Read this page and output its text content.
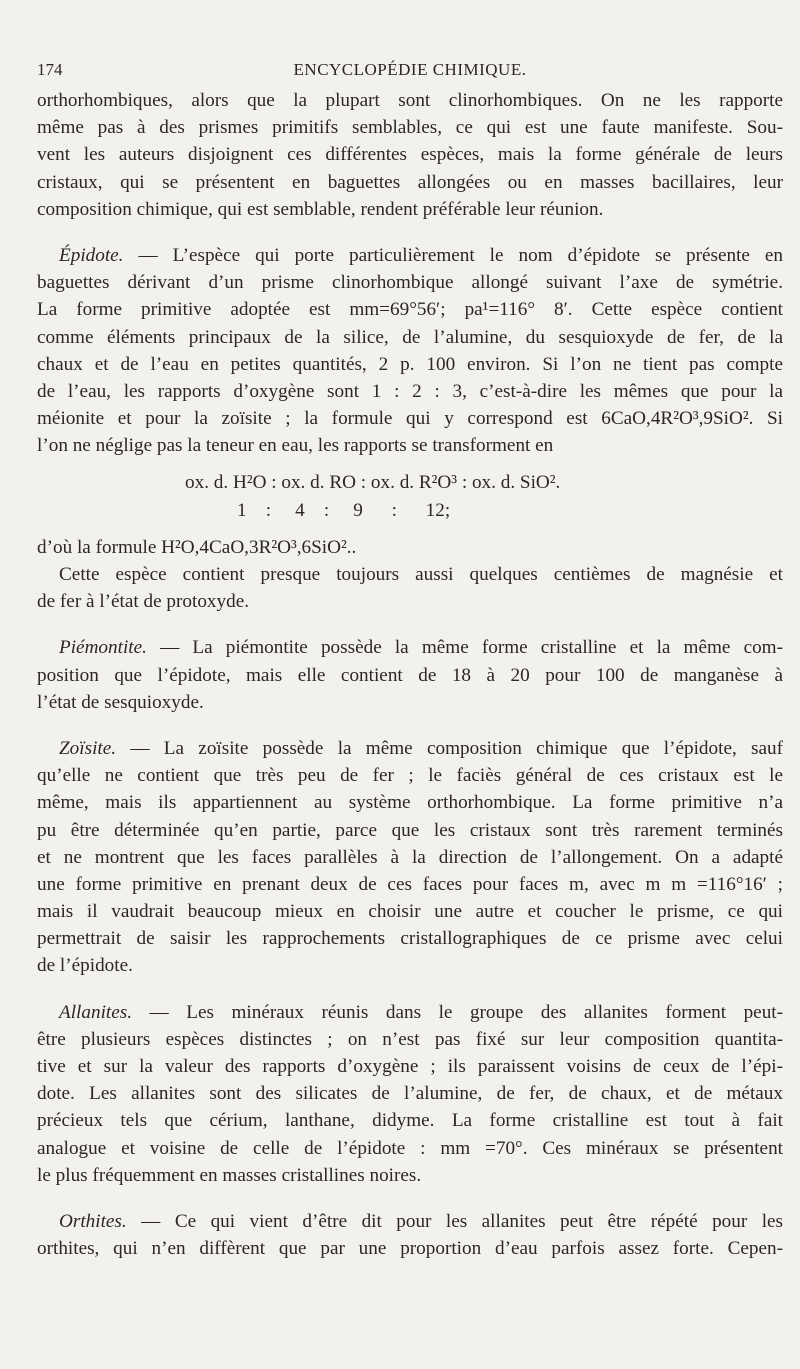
174	ENCYCLOPÉDIE CHIMIQUE.
orthorhombiques, alors que la plupart sont clinorhombiques. On ne les rapporte
même pas à des prismes primitifs semblables, ce qui est une faute manifeste. Sou-
vent les auteurs disjoignent ces différentes espèces, mais la forme générale de leurs
cristaux, qui se présentent en baguettes allongées ou en masses bacillaires, leur
composition chimique, qui est semblable, rendent préférable leur réunion.
Épidote. — L’espèce qui porte particulièrement le nom d’épidote se présente en
baguettes dérivant d’un prisme clinorhombique allongé suivant l’axe de symétrie.
La forme primitive adoptée est mm=69°56′; pa¹=116° 8′. Cette espèce contient
comme éléments principaux de la silice, de l’alumine, du sesquioxyde de fer, de la
chaux et de l’eau en petites quantités, 2 p. 100 environ. Si l’on ne tient pas compte
de l’eau, les rapports d’oxygène sont 1 : 2 : 3, c’est-à-dire les mêmes que pour la
méionite et pour la zoïsite ; la formule qui y correspond est 6CaO,4R²O³,9SiO². Si
l’on ne néglige pas la teneur en eau, les rapports se transforment en
ox. d. H²O : ox. d. RO : ox. d. R²O³ : ox. d. SiO².
1    :     4    :     9      :      12;
d’où la formule H²O,4CaO,3R²O³,6SiO²..
Cette espèce contient presque toujours aussi quelques centièmes de magnésie et
de fer à l’état de protoxyde.
Piémontite. — La piémontite possède la même forme cristalline et la même com-
position que l’épidote, mais elle contient de 18 à 20 pour 100 de manganèse à
l’état de sesquioxyde.
Zoïsite. — La zoïsite possède la même composition chimique que l’épidote, sauf
qu’elle ne contient que très peu de fer ; le faciès général de ces cristaux est le
même, mais ils appartiennent au système orthorhombique. La forme primitive n’a
pu être déterminée qu’en partie, parce que les cristaux sont très rarement terminés
et ne montrent que les faces parallèles à la direction de l’allongement. On a adapté
une forme primitive en prenant deux de ces faces pour faces m, avec m m =116°16′ ;
mais il vaudrait beaucoup mieux en choisir une autre et coucher le prisme, ce qui
permettrait de saisir les rapprochements cristallographiques de ce prisme avec celui
de l’épidote.
Allanites. — Les minéraux réunis dans le groupe des allanites forment peut-
être plusieurs espèces distinctes ; on n’est pas fixé sur leur composition quantita-
tive et sur la valeur des rapports d’oxygène ; ils paraissent voisins de ceux de l’épi-
dote. Les allanites sont des silicates de l’alumine, de fer, de chaux, et de métaux
précieux tels que cérium, lanthane, didyme. La forme cristalline est tout à fait
analogue et voisine de celle de l’épidote : mm =70°. Ces minéraux se présentent
le plus fréquemment en masses cristallines noires.
Orthites. — Ce qui vient d’être dit pour les allanites peut être répété pour les
orthites, qui n’en diffèrent que par une proportion d’eau parfois assez forte. Cepen-
